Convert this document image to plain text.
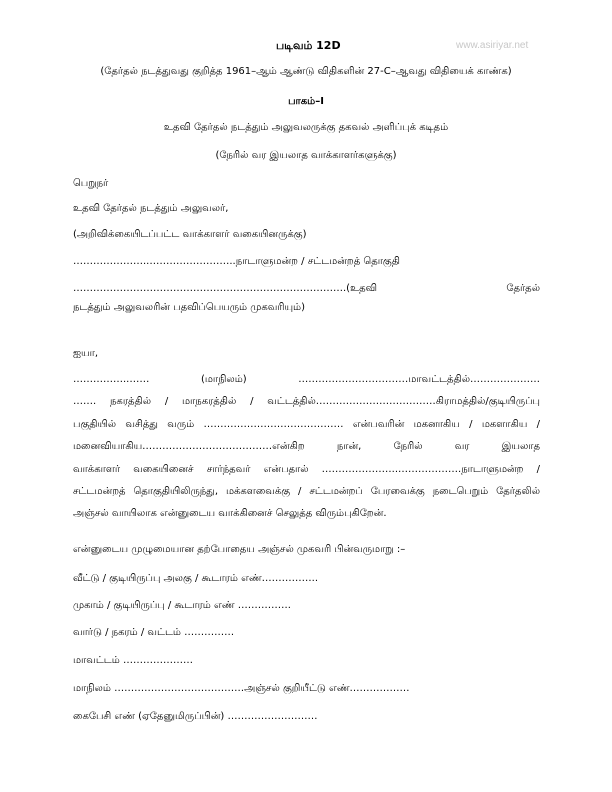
www.asiriyar.net
படிவம் 12D
(தேர்தல் நடத்துவது குறித்த 1961–ஆம் ஆண்டு விதிகளின் 27-C–ஆவது விதியைக் காண்க)
பாகம்–I
உதவி தேர்தல் நடத்தும் அலுவலருக்கு தகவல் அளிப்புக் கடிதம்
(நேரில் வர இயலாத வாக்காளர்களுக்கு)
பெறுநர்
உதவி தேர்தல் நடத்தும் அலுவலர்,
(அறிவிக்கையிடப்பட்ட வாக்காளர் வகையினருக்கு)
…………………..……………………..நாடாளுமன்ற / சட்டமன்றத் தொகுதி
……………………………………………………………………….(உதவி தேர்தல்
நடத்தும் அலுவலரின் பதவிப்பெயரும் முகவரியும்)
ஐயா,
……………..…… (மாநிலம்) ……………………………மாவட்டத்தில்…………………
……. நகரத்தில் / மாநகரத்தில் / வட்டத்தில்………………………………கிராமத்தில்/குடியிருப்பு
பகுதியில் வசித்து வரும் …………………………………… என்பவரின் மகனாகிய / மகளாகிய /
மனைவியாகிய…………………………………என்கிற நான், நேரில் வர இயலாத
வாக்காளர் வகையினைச் சார்ந்தவர் என்பதால் …………………..……………….நாடாளுமன்ற /
சட்டமன்றத் தொகுதியிலிருந்து, மக்களவைக்கு / சட்டமன்றப் பேரவைக்கு நடைபெறும் தேர்தலில்
அஞ்சல் வாயிலாக என்னுடைய வாக்கினைச் செலுத்த விரும்புகிறேன்.
என்னுடைய முழுமையான தற்போதைய அஞ்சல் முகவரி பின்வருமாறு :–
வீட்டு / குடியிருப்பு அலகு / கூடாரம் எண்……………..
முகாம் / குடியிருப்பு / கூடாரம் எண் …………….
வார்டு / நகரம் / வட்டம் ……………
மாவட்டம் …………………
மாநிலம் …………………………………அஞ்சல் குறியீட்டு எண்………………
கைபேசி எண் (ஏதேனுமிருப்பின்) ………………………
